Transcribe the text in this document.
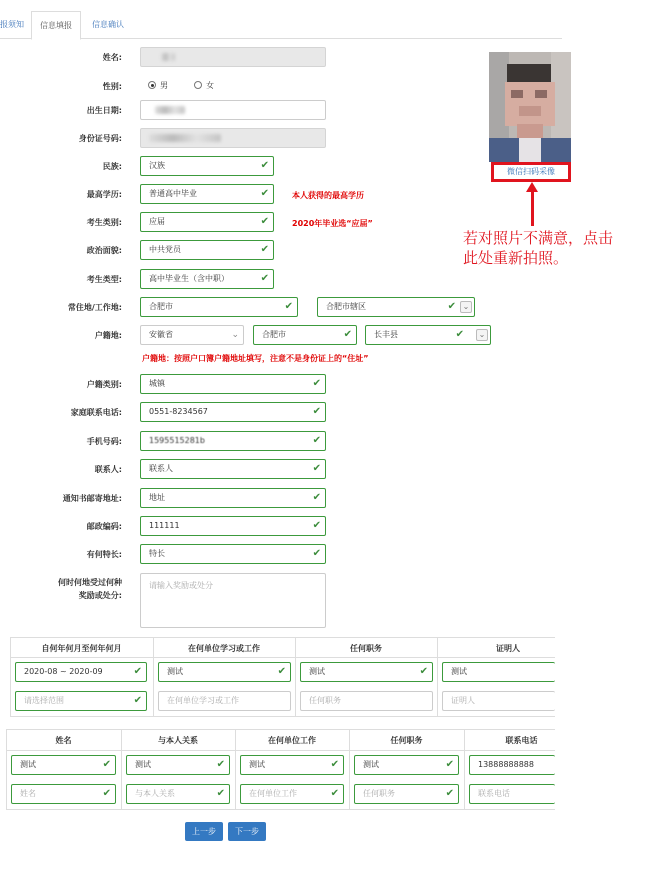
报须知	信息填报	信息确认
姓名:
性别:	男	女
出生日期:
身份证号码:
民族:	汉族	✔
最高学历:	普通高中毕业	✔	本人获得的最高学历
考生类别:	应届	✔	2020年毕业选“应届”
政治面貌:	中共党员	✔
考生类型:	高中毕业生（含中职）	✔
常住地/工作地:	合肥市	✔	合肥市辖区	✔ ⌄
户籍地:	安徽省	⌄	合肥市	✔	长丰县	✔	⌄
户籍地：按照户口簿户籍地址填写，注意不是身份证上的“住址”
户籍类别:	城镇	✔
家庭联系电话:	0551-8234567	✔
手机号码:	1595515281b	✔
联系人:	联系人	✔
通知书邮寄地址:	地址	✔
邮政编码:	111111	✔
有何特长:	特长	✔
何时何地受过何种
奖励或处分:
请输入奖励或处分
微信扫码采像
若对照片不满意，点击
此处重新拍照。
自何年何月至何年何月	在何单位学习或工作	任何职务	证明人
2020-08 ~ 2020-09	✔	测试	✔	测试	✔	测试
请选择范围	✔	在何单位学习或工作	任何职务	证明人
姓名	与本人关系	在何单位工作	任何职务	联系电话
测试	✔	测试	✔	测试	✔	测试	✔	13888888888
姓名	✔	与本人关系	✔	在何单位工作	✔	任何职务	✔	联系电话
上一步	下一步
